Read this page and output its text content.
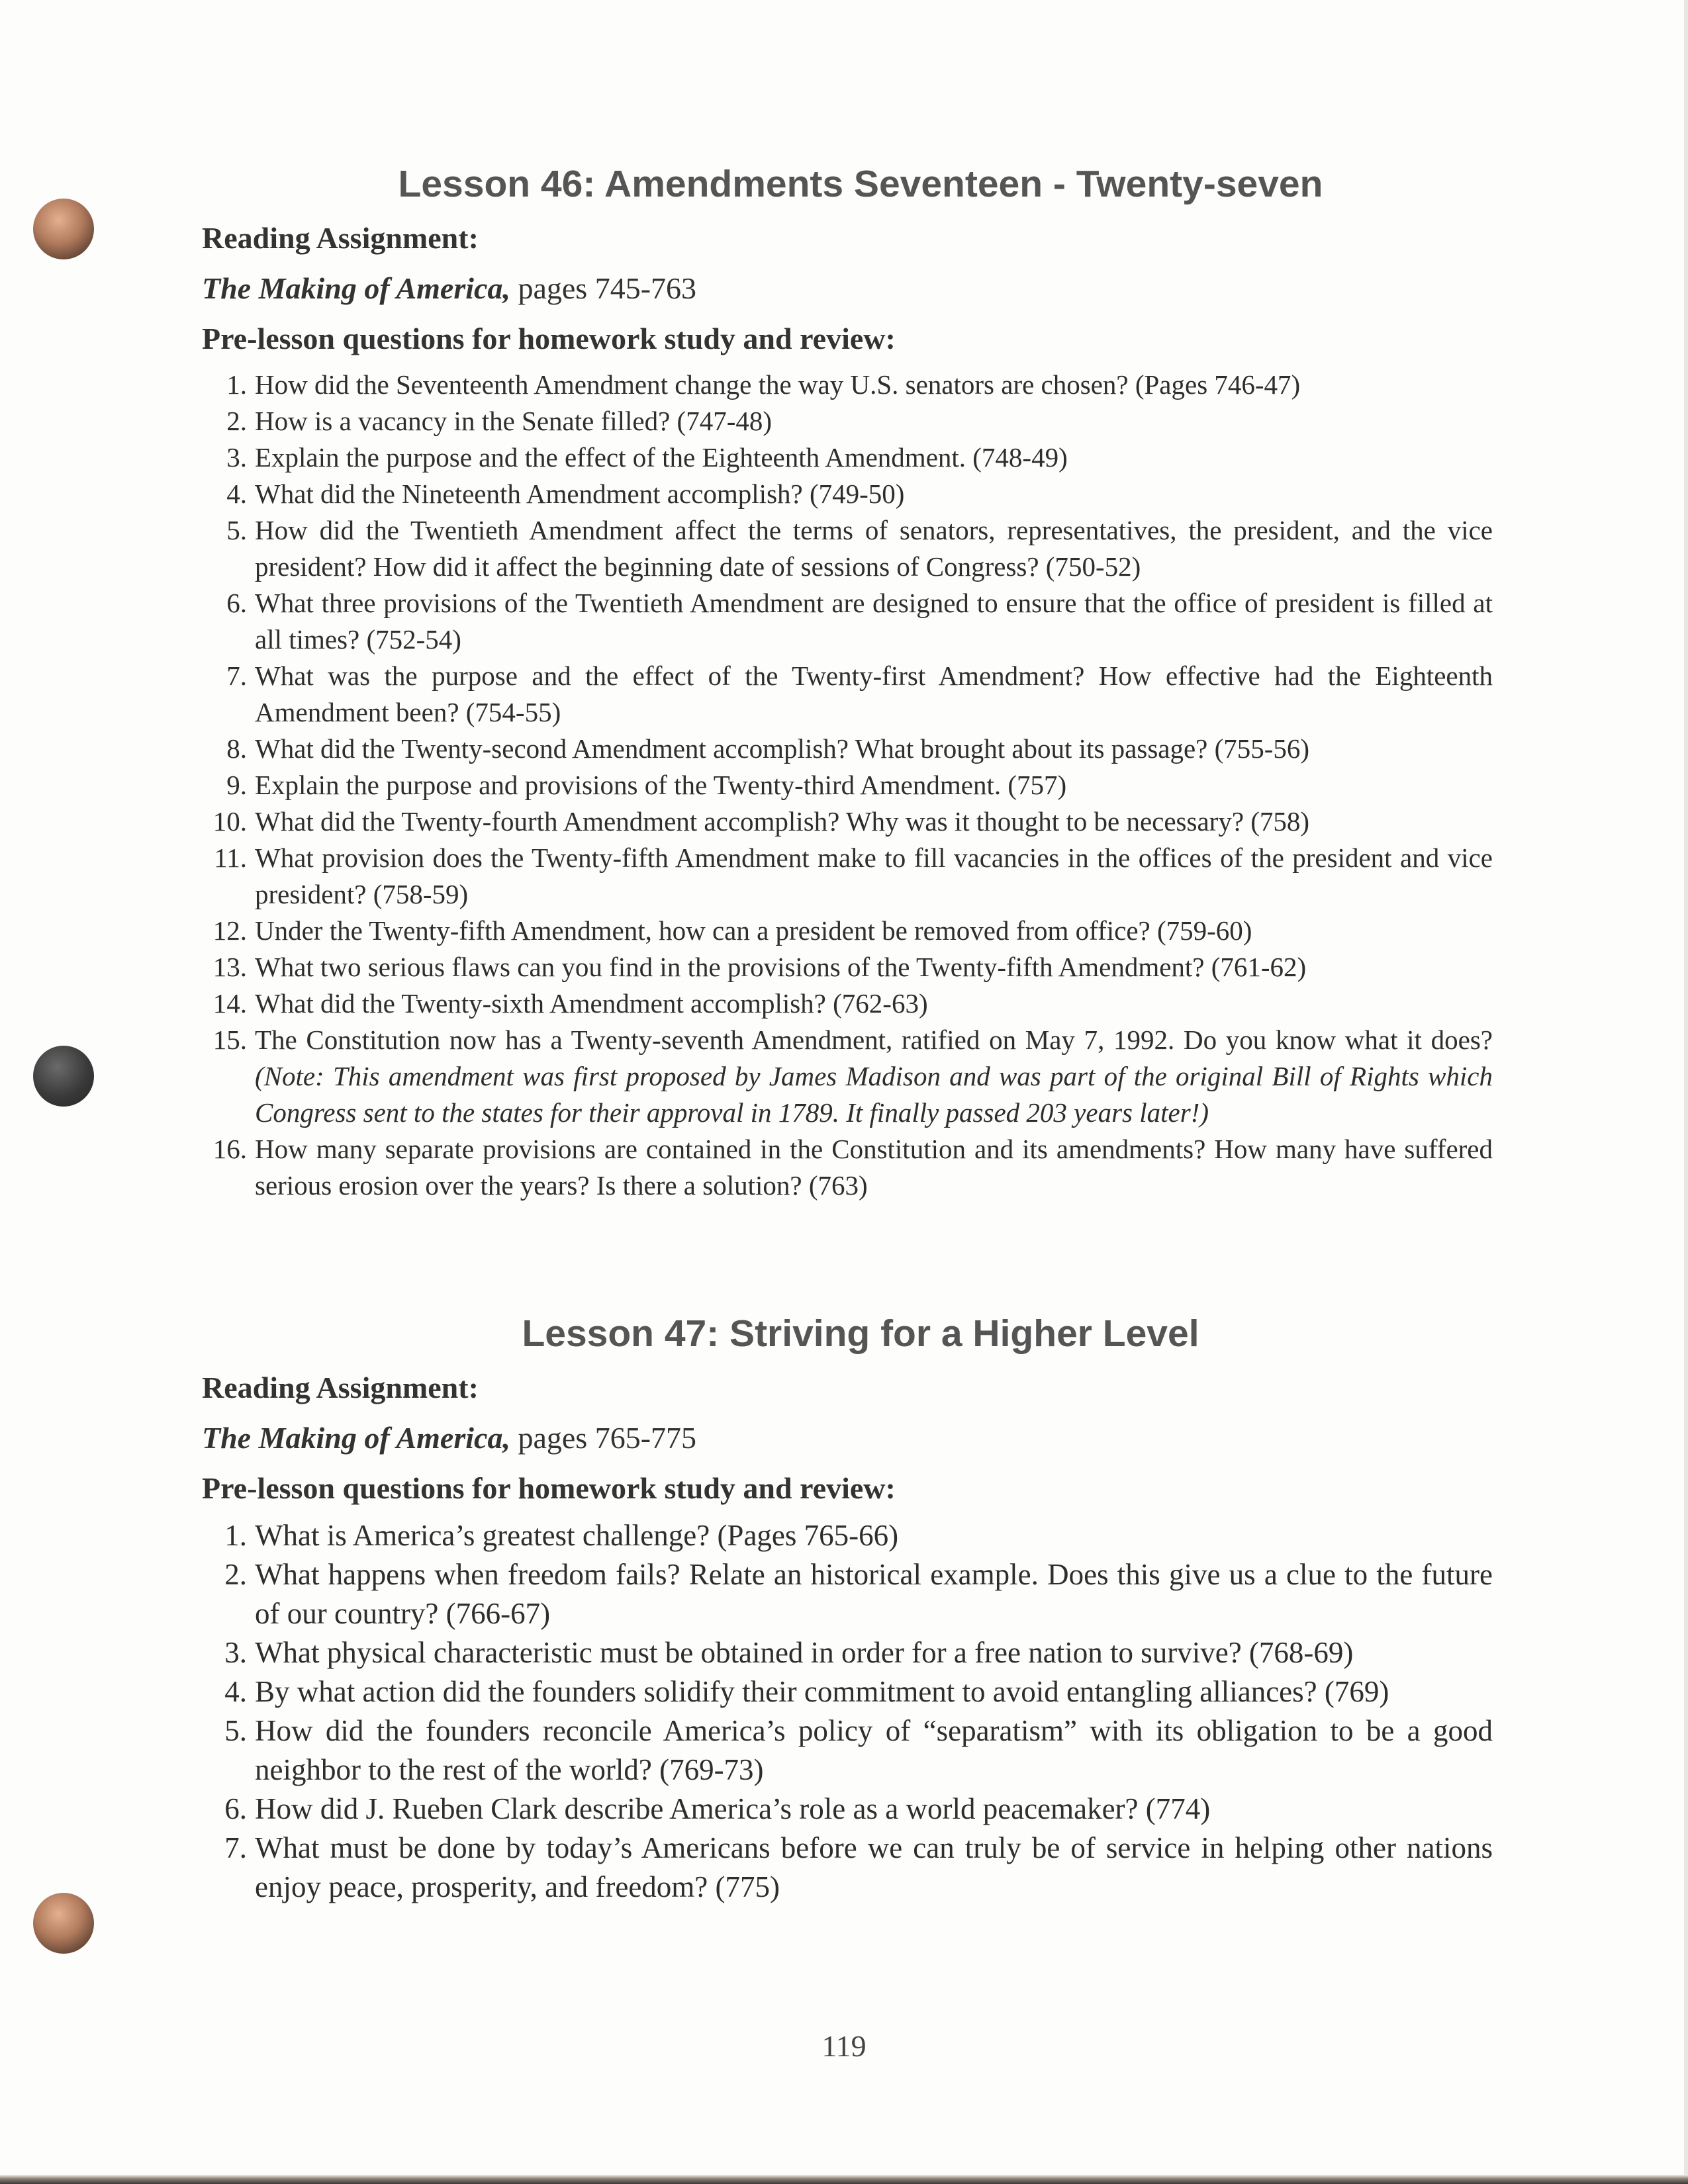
Lesson 46: Amendments Seventeen - Twenty-seven
Reading Assignment:
The Making of America, pages 745-763
Pre-lesson questions for homework study and review:
1. How did the Seventeenth Amendment change the way U.S. senators are chosen? (Pages 746-47)
2. How is a vacancy in the Senate filled? (747-48)
3. Explain the purpose and the effect of the Eighteenth Amendment. (748-49)
4. What did the Nineteenth Amendment accomplish? (749-50)
5. How did the Twentieth Amendment affect the terms of senators, representatives, the president, and the vice president? How did it affect the beginning date of sessions of Congress? (750-52)
6. What three provisions of the Twentieth Amendment are designed to ensure that the office of president is filled at all times? (752-54)
7. What was the purpose and the effect of the Twenty-first Amendment? How effective had the Eighteenth Amendment been? (754-55)
8. What did the Twenty-second Amendment accomplish? What brought about its passage? (755-56)
9. Explain the purpose and provisions of the Twenty-third Amendment. (757)
10. What did the Twenty-fourth Amendment accomplish? Why was it thought to be necessary? (758)
11. What provision does the Twenty-fifth Amendment make to fill vacancies in the offices of the president and vice president? (758-59)
12. Under the Twenty-fifth Amendment, how can a president be removed from office? (759-60)
13. What two serious flaws can you find in the provisions of the Twenty-fifth Amendment? (761-62)
14. What did the Twenty-sixth Amendment accomplish? (762-63)
15. The Constitution now has a Twenty-seventh Amendment, ratified on May 7, 1992. Do you know what it does? (Note: This amendment was first proposed by James Madison and was part of the original Bill of Rights which Congress sent to the states for their approval in 1789. It finally passed 203 years later!)
16. How many separate provisions are contained in the Constitution and its amendments? How many have suffered serious erosion over the years? Is there a solution? (763)
Lesson 47: Striving for a Higher Level
Reading Assignment:
The Making of America, pages 765-775
Pre-lesson questions for homework study and review:
1. What is America’s greatest challenge? (Pages 765-66)
2. What happens when freedom fails? Relate an historical example. Does this give us a clue to the future of our country? (766-67)
3. What physical characteristic must be obtained in order for a free nation to survive? (768-69)
4. By what action did the founders solidify their commitment to avoid entangling alliances? (769)
5. How did the founders reconcile America’s policy of “separatism” with its obligation to be a good neighbor to the rest of the world? (769-73)
6. How did J. Rueben Clark describe America’s role as a world peacemaker? (774)
7. What must be done by today’s Americans before we can truly be of service in helping other nations enjoy peace, prosperity, and freedom? (775)
119
